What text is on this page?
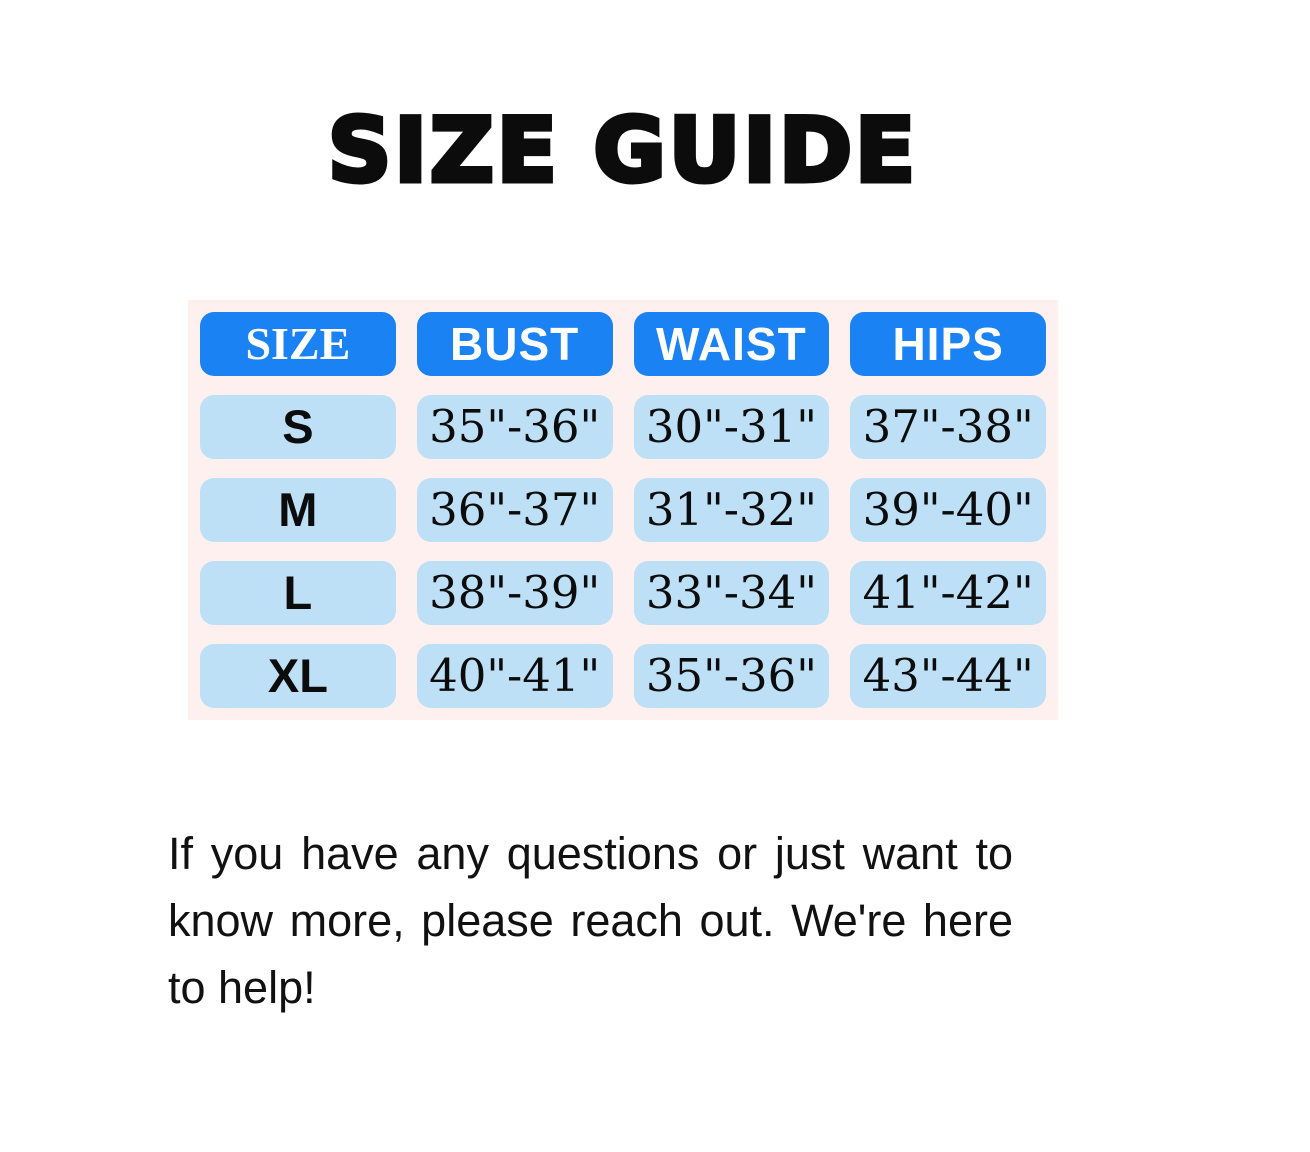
SIZE GUIDE
SIZE	BUST	WAIST	HIPS
S	35"-36" 30"-31" 37"-38"
M	36"-37" 31"-32" 39"-40"
L	38"-39" 33"-34" 41"-42"
XL	40"-41" 35"-36" 43"-44"

If you have any questions or just want to know more, please reach out. We're here to help!
